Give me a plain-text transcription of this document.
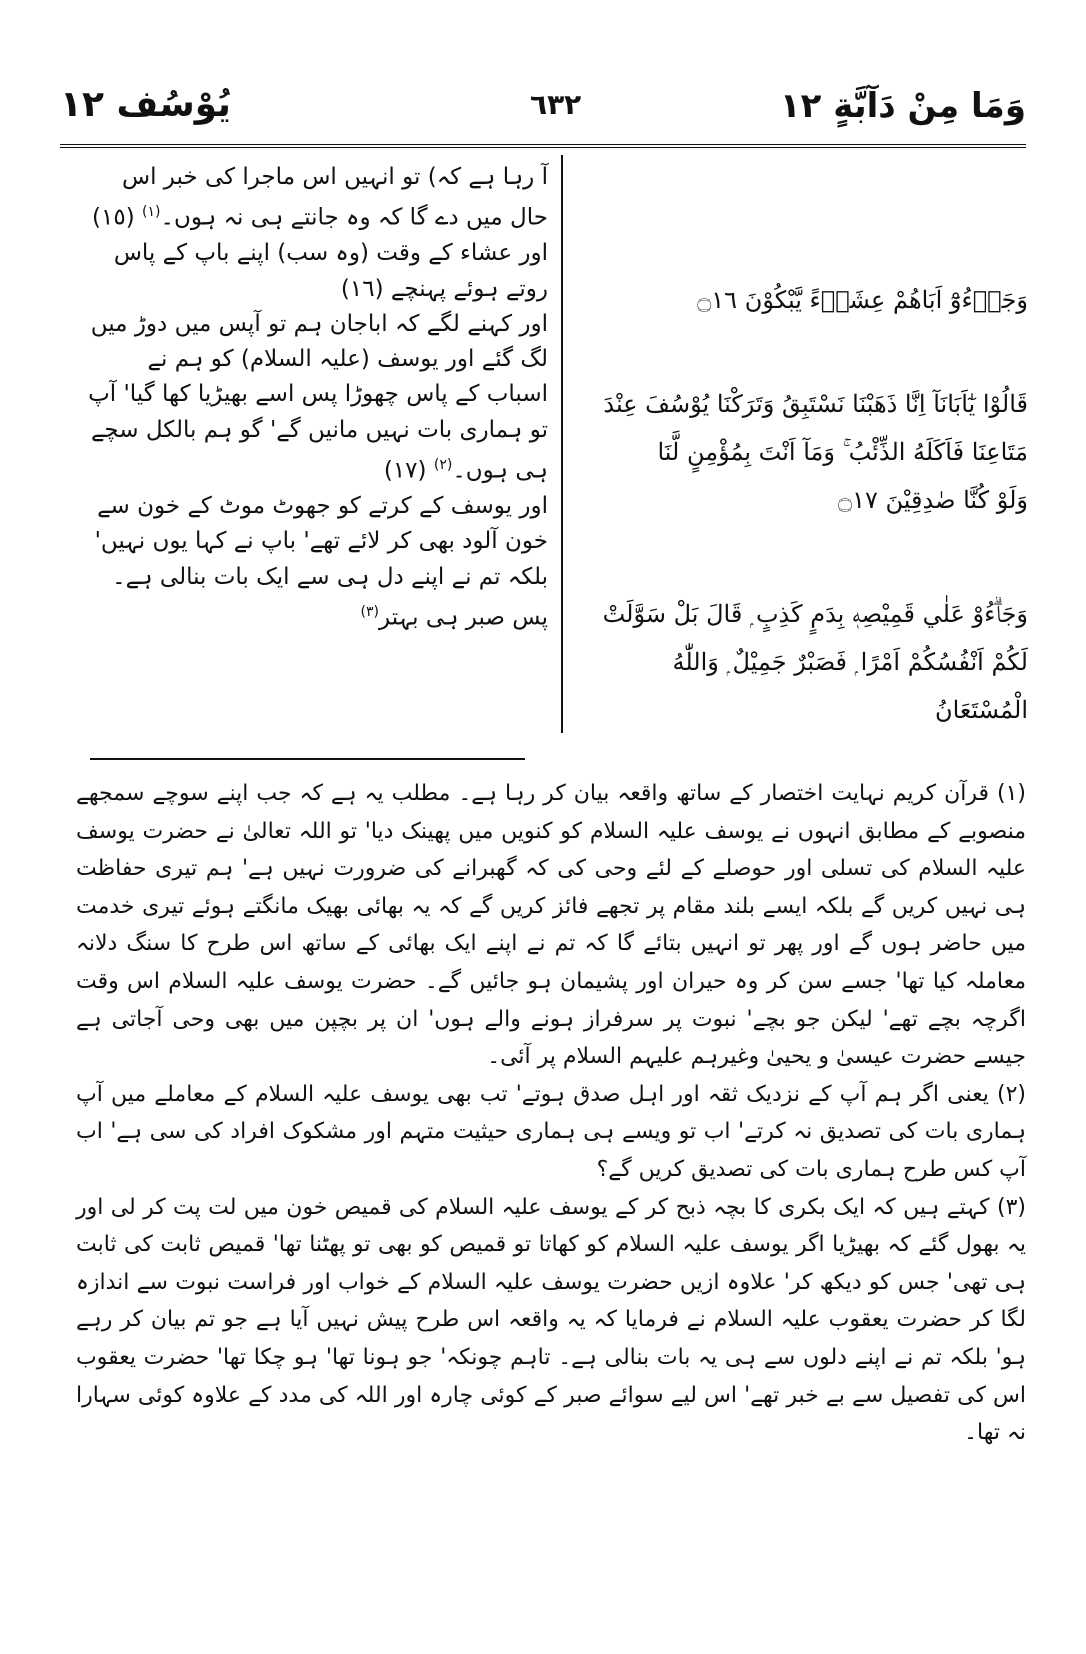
وَمَا مِنْ دَآبَّةٍ ١٢
٦٣٢
يُوْسُف ١٢

آ رہا ہے کہ) تو انہیں اس ماجرا کی خبر اس حال میں دے گا کہ وہ جانتے ہی نہ ہوں۔$^{(١)}$ (١٥)

اور عشاء کے وقت (وہ سب) اپنے باپ کے پاس روتے ہوئے پہنچے (١٦)

اور کہنے لگے کہ اباجان ہم تو آپس میں دوڑ میں لگ گئے اور یوسف (علیہ السلام) کو ہم نے اسباب کے پاس چھوڑا پس اسے بھیڑیا کھا گیا' آپ تو ہماری بات نہیں مانیں گے' گو ہم بالکل سچے ہی ہوں۔$^{(٢)}$ (١٧)

اور یوسف کے کرتے کو جھوٹ موٹ کے خون سے خون آلود بھی کر لائے تھے' باپ نے کہا یوں نہیں' بلکہ تم نے اپنے دل ہی سے ایک بات بنالی ہے۔پس صبر ہی بہتر$^{(٣)}$

وَجَاۗءُوْٓ اَبَاهُمْ عِشَاۗءً يَّبْكُوْنَ ۝١٦

قَالُوْا يٰٓاَبَانَآ اِنَّا ذَهَبْنَا نَسْتَبِقُ وَتَرَكْنَا يُوْسُفَ عِنْدَ

مَتَاعِنَا فَاَكَلَهُ الذِّئْبُ ۚ وَمَآ اَنْتَ بِمُؤْمِنٍ لَّنَا

وَلَوْ كُنَّا صٰدِقِيْنَ ۝١٧

وَجَاۗءُوْ عَلٰي قَمِيْصِهٖ بِدَمٍ كَذِبٍ ۭ قَالَ بَلْ سَوَّلَتْ

لَكُمْ اَنْفُسُكُمْ اَمْرًا ۭ فَصَبْرٌ جَمِيْلٌ ۭ وَاللّٰهُ الْمُسْتَعَانُ

(١) قرآن کریم نہایت اختصار کے ساتھ واقعہ بیان کر رہا ہے۔ مطلب یہ ہے کہ جب اپنے سوچے سمجھے منصوبے کے مطابق انہوں نے یوسف علیہ السلام کو کنویں میں پھینک دیا' تو اللہ تعالیٰ نے حضرت یوسف علیہ السلام کی تسلی اور حوصلے کے لئے وحی کی کہ گھبرانے کی ضرورت نہیں ہے' ہم تیری حفاظت ہی نہیں کریں گے بلکہ ایسے بلند مقام پر تجھے فائز کریں گے کہ یہ بھائی بھیک مانگتے ہوئے تیری خدمت میں حاضر ہوں گے اور پھر تو انہیں بتائے گا کہ تم نے اپنے ایک بھائی کے ساتھ اس طرح کا سنگ دلانہ معاملہ کیا تھا' جسے سن کر وہ حیران اور پشیمان ہو جائیں گے۔ حضرت یوسف علیہ السلام اس وقت اگرچہ بچے تھے' لیکن جو بچے' نبوت پر سرفراز ہونے والے ہوں' ان پر بچپن میں بھی وحی آجاتی ہے جیسے حضرت عیسیٰ و یحییٰ وغیرہم علیہم السلام پر آئی۔

(٢) یعنی اگر ہم آپ کے نزدیک ثقہ اور اہل صدق ہوتے' تب بھی یوسف علیہ السلام کے معاملے میں آپ ہماری بات کی تصدیق نہ کرتے' اب تو ویسے ہی ہماری حیثیت متہم اور مشکوک افراد کی سی ہے' اب آپ کس طرح ہماری بات کی تصدیق کریں گے؟

(٣) کہتے ہیں کہ ایک بکری کا بچہ ذبح کر کے یوسف علیہ السلام کی قمیص خون میں لت پت کر لی اور یہ بھول گئے کہ بھیڑیا اگر یوسف علیہ السلام کو کھاتا تو قمیص کو بھی تو پھٹنا تھا' قمیص ثابت کی ثابت ہی تھی' جس کو دیکھ کر' علاوہ ازیں حضرت یوسف علیہ السلام کے خواب اور فراست نبوت سے اندازہ لگا کر حضرت یعقوب علیہ السلام نے فرمایا کہ یہ واقعہ اس طرح پیش نہیں آیا ہے جو تم بیان کر رہے ہو' بلکہ تم نے اپنے دلوں سے ہی یہ بات بنالی ہے۔ تاہم چونکہ' جو ہونا تھا' ہو چکا تھا' حضرت یعقوب اس کی تفصیل سے بے خبر تھے' اس لیے سوائے صبر کے کوئی چارہ اور اللہ کی مدد کے علاوہ کوئی سہارا نہ تھا۔
